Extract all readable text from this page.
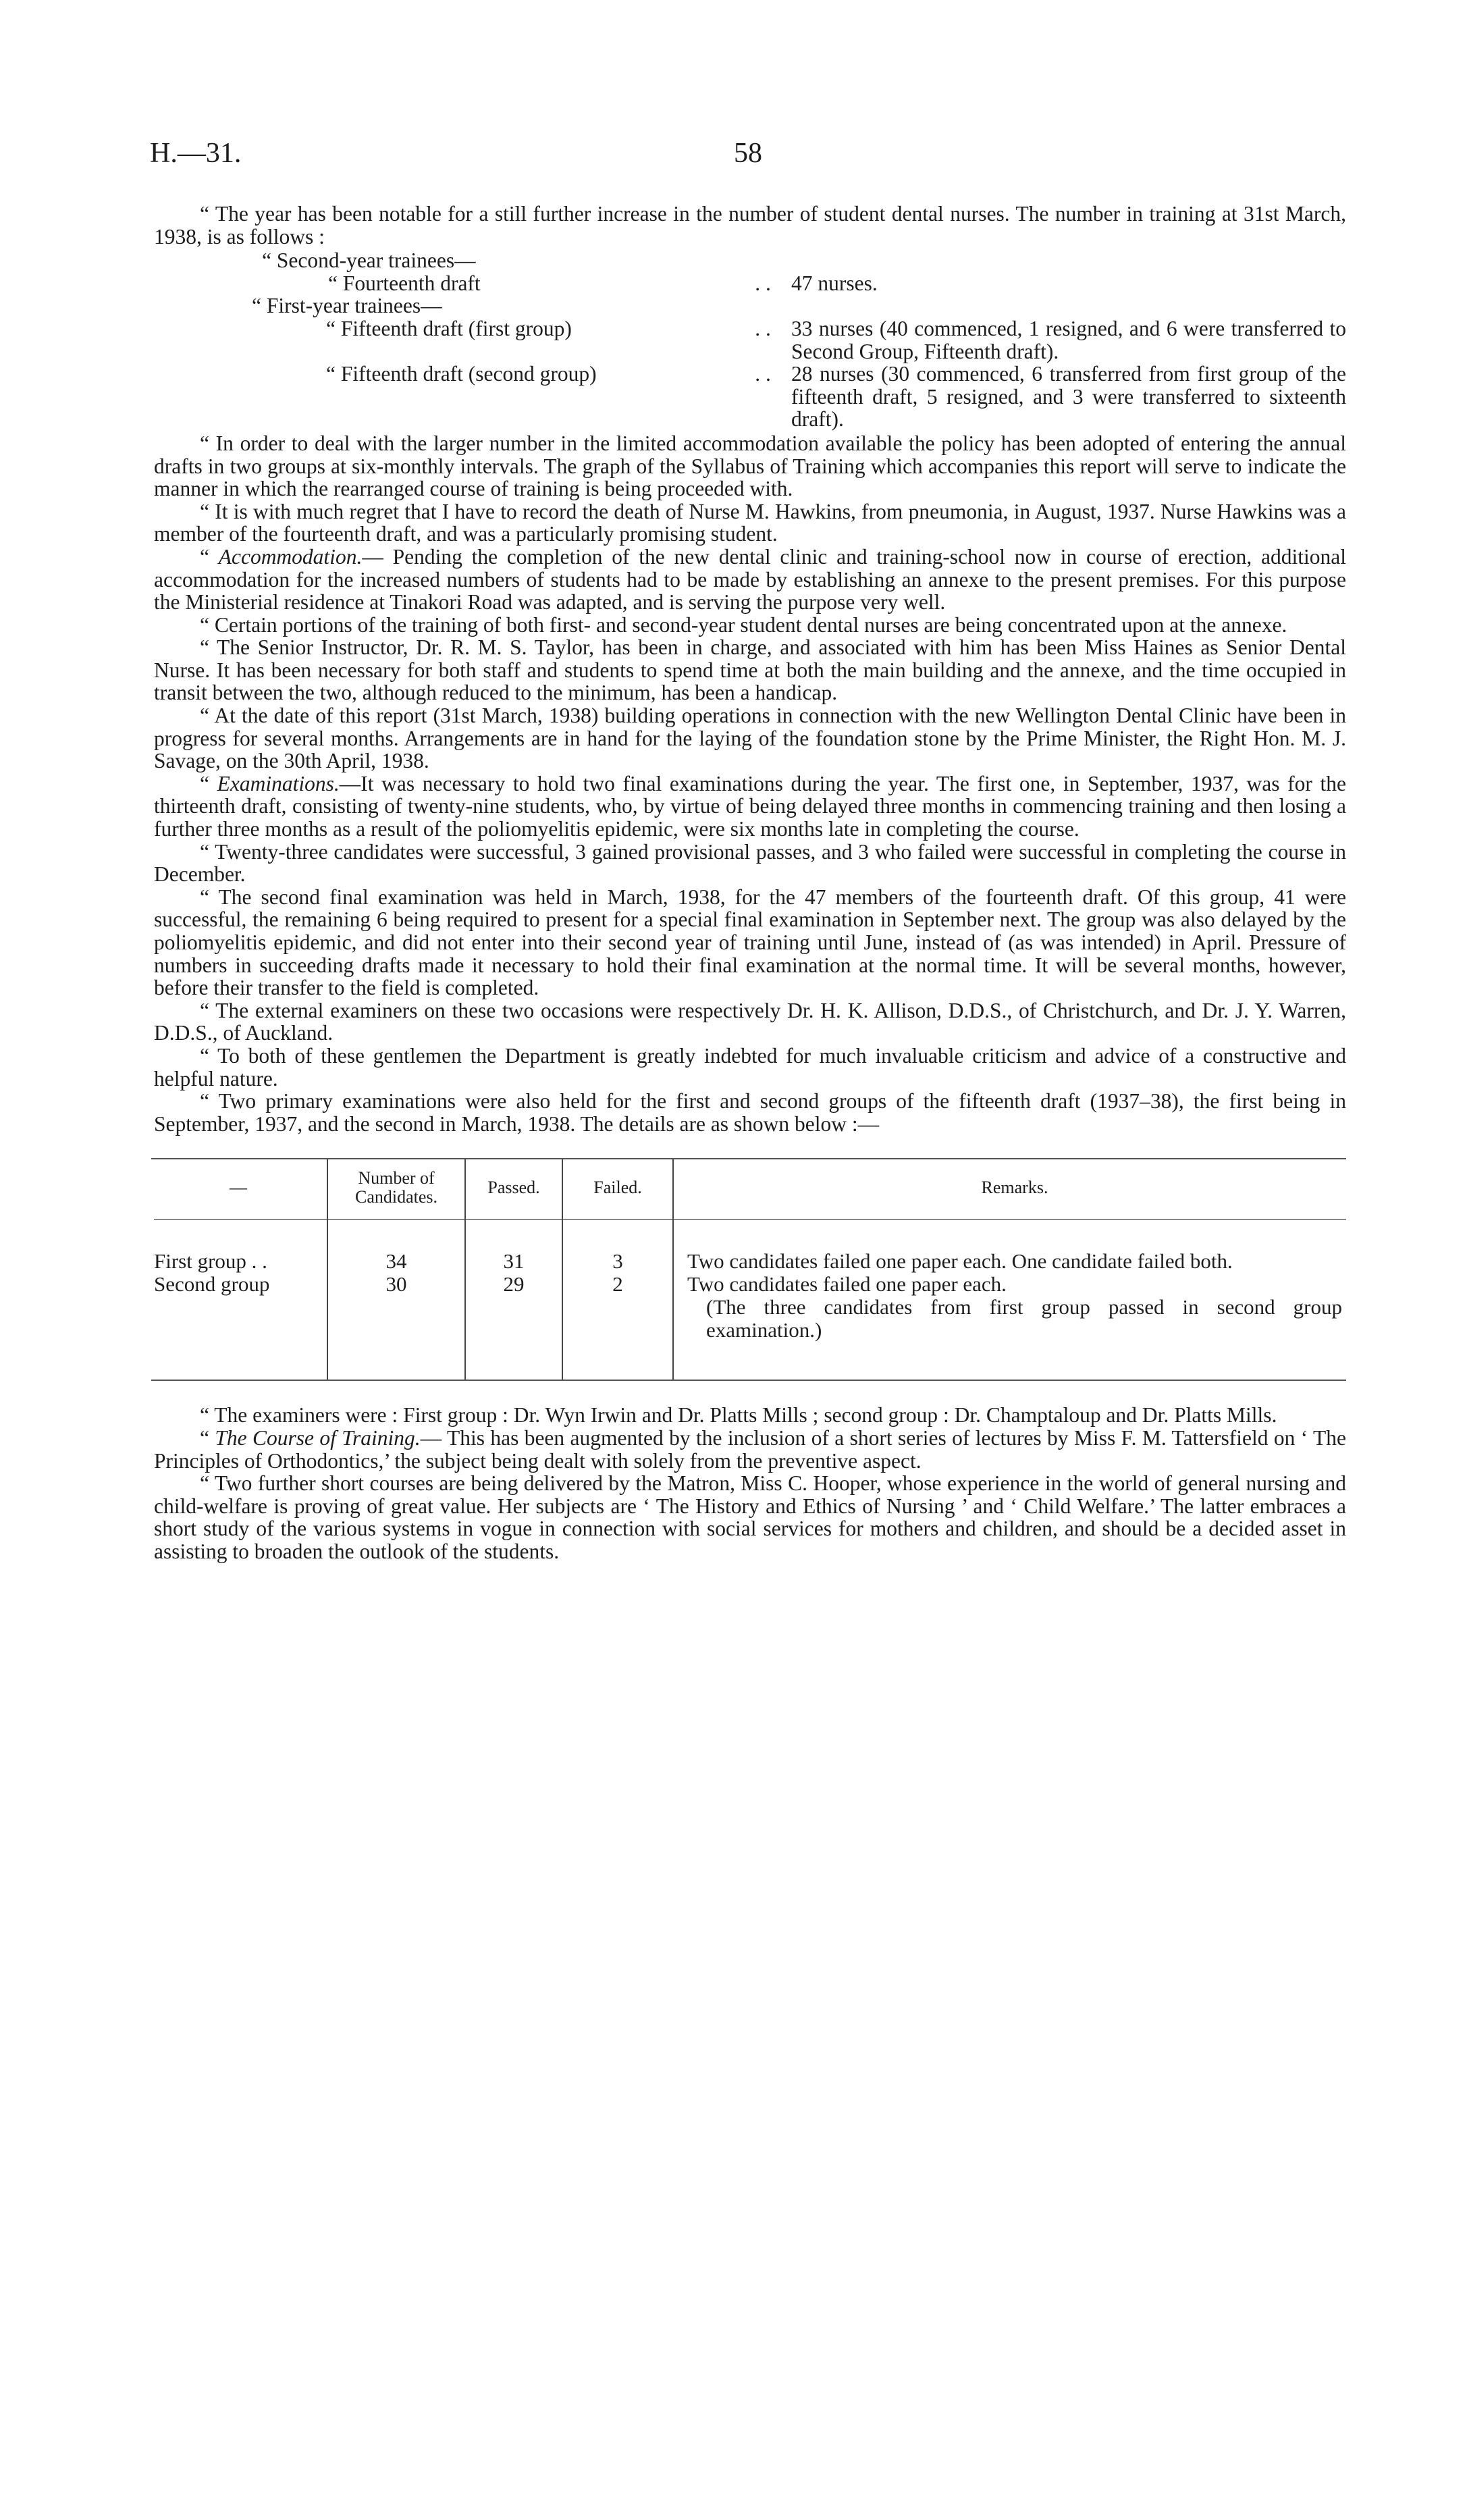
H.—31.	58

“ The year has been notable for a still further increase in the number of student dental nurses. The number in training at 31st March, 1938, is as follows :

“ Second-year trainees—
“ Fourteenth draft	. . 47 nurses.
“ First-year trainees—
“ Fifteenth draft (first group)	. . 33 nurses (40 commenced, 1 resigned, and 6 were transferred to Second Group, Fifteenth draft).
“ Fifteenth draft (second group)	. . 28 nurses (30 commenced, 6 transferred from first group of the fifteenth draft, 5 resigned, and 3 were transferred to sixteenth draft).

“ In order to deal with the larger number in the limited accommodation available the policy has been adopted of entering the annual drafts in two groups at six-monthly intervals. The graph of the Syllabus of Training which accompanies this report will serve to indicate the manner in which the rearranged course of training is being proceeded with.

“ It is with much regret that I have to record the death of Nurse M. Hawkins, from pneumonia, in August, 1937. Nurse Hawkins was a member of the fourteenth draft, and was a particularly promising student.

“ Accommodation.— Pending the completion of the new dental clinic and training-school now in course of erection, additional accommodation for the increased numbers of students had to be made by establishing an annexe to the present premises. For this purpose the Ministerial residence at Tinakori Road was adapted, and is serving the purpose very well.

“ Certain portions of the training of both first- and second-year student dental nurses are being concentrated upon at the annexe.

“ The Senior Instructor, Dr. R. M. S. Taylor, has been in charge, and associated with him has been Miss Haines as Senior Dental Nurse. It has been necessary for both staff and students to spend time at both the main building and the annexe, and the time occupied in transit between the two, although reduced to the minimum, has been a handicap.

“ At the date of this report (31st March, 1938) building operations in connection with the new Wellington Dental Clinic have been in progress for several months. Arrangements are in hand for the laying of the foundation stone by the Prime Minister, the Right Hon. M. J. Savage, on the 30th April, 1938.

“ Examinations.—It was necessary to hold two final examinations during the year. The first one, in September, 1937, was for the thirteenth draft, consisting of twenty-nine students, who, by virtue of being delayed three months in commencing training and then losing a further three months as a result of the poliomyelitis epidemic, were six months late in completing the course.

“ Twenty-three candidates were successful, 3 gained provisional passes, and 3 who failed were successful in completing the course in December.

“ The second final examination was held in March, 1938, for the 47 members of the fourteenth draft. Of this group, 41 were successful, the remaining 6 being required to present for a special final examination in September next. The group was also delayed by the poliomyelitis epidemic, and did not enter into their second year of training until June, instead of (as was intended) in April. Pressure of numbers in succeeding drafts made it necessary to hold their final examination at the normal time. It will be several months, however, before their transfer to the field is completed.

“ The external examiners on these two occasions were respectively Dr. H. K. Allison, D.D.S., of Christchurch, and Dr. J. Y. Warren, D.D.S., of Auckland.

“ To both of these gentlemen the Department is greatly indebted for much invaluable criticism and advice of a constructive and helpful nature.

“ Two primary examinations were also held for the first and second groups of the fifteenth draft (1937–38), the first being in September, 1937, and the second in March, 1938. The details are as shown below :—

—	Number of Candidates.	Passed.	Failed.	Remarks.
First group . .	34	31	3	Two candidates failed one paper each. One candidate failed both.

Second group	30	29	2	Two candidates failed one paper each.
(The three candidates from first group passed in second group examination.)

“ The examiners were : First group : Dr. Wyn Irwin and Dr. Platts Mills ; second group : Dr. Champtaloup and Dr. Platts Mills.

“ The Course of Training.— This has been augmented by the inclusion of a short series of lectures by Miss F. M. Tattersfield on ‘ The Principles of Orthodontics,’ the subject being dealt with solely from the preventive aspect.

“ Two further short courses are being delivered by the Matron, Miss C. Hooper, whose experience in the world of general nursing and child-welfare is proving of great value. Her subjects are ‘ The History and Ethics of Nursing ’ and ‘ Child Welfare.’ The latter embraces a short study of the various systems in vogue in connection with social services for mothers and children, and should be a decided asset in assisting to broaden the outlook of the students.
